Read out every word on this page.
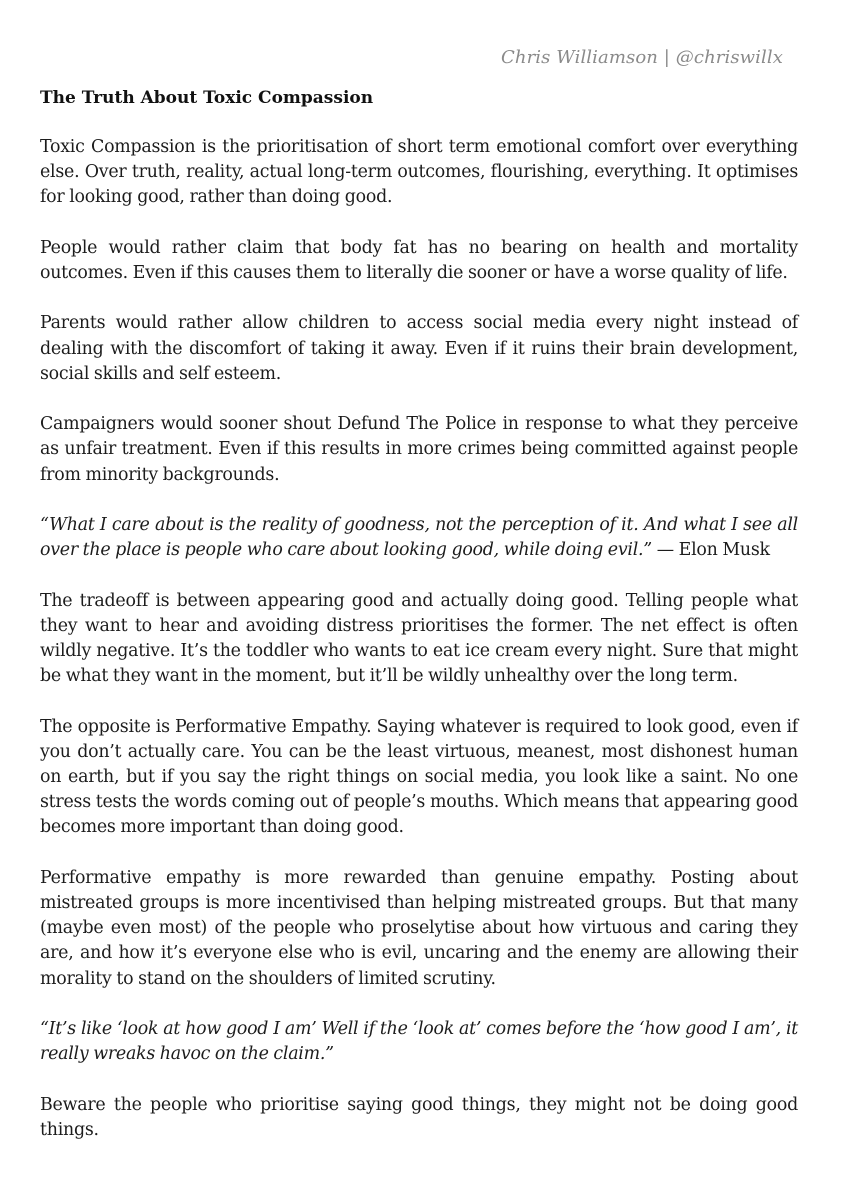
Chris Williamson | @chriswillx
The Truth About Toxic Compassion

Toxic Compassion is the prioritisation of short term emotional comfort over everything else. Over truth, reality, actual long-term outcomes, flourishing, everything. It optimises for looking good, rather than doing good.

People would rather claim that body fat has no bearing on health and mortality outcomes. Even if this causes them to literally die sooner or have a worse quality of life.

Parents would rather allow children to access social media every night instead of dealing with the discomfort of taking it away. Even if it ruins their brain development, social skills and self esteem.

Campaigners would sooner shout Defund The Police in response to what they perceive as unfair treatment. Even if this results in more crimes being committed against people from minority backgrounds.

“What I care about is the reality of goodness, not the perception of it. And what I see all over the place is people who care about looking good, while doing evil.” — Elon Musk

The tradeoff is between appearing good and actually doing good. Telling people what they want to hear and avoiding distress prioritises the former. The net effect is often wildly negative. It’s the toddler who wants to eat ice cream every night. Sure that might be what they want in the moment, but it’ll be wildly unhealthy over the long term.

The opposite is Performative Empathy. Saying whatever is required to look good, even if you don’t actually care. You can be the least virtuous, meanest, most dishonest human on earth, but if you say the right things on social media, you look like a saint. No one stress tests the words coming out of people’s mouths. Which means that appearing good becomes more important than doing good.

Performative empathy is more rewarded than genuine empathy. Posting about mistreated groups is more incentivised than helping mistreated groups. But that many (maybe even most) of the people who proselytise about how virtuous and caring they are, and how it’s everyone else who is evil, uncaring and the enemy are allowing their morality to stand on the shoulders of limited scrutiny.

“It’s like ‘look at how good I am’ Well if the ‘look at’ comes before the ‘how good I am’, it really wreaks havoc on the claim.”

Beware the people who prioritise saying good things, they might not be doing good things.
